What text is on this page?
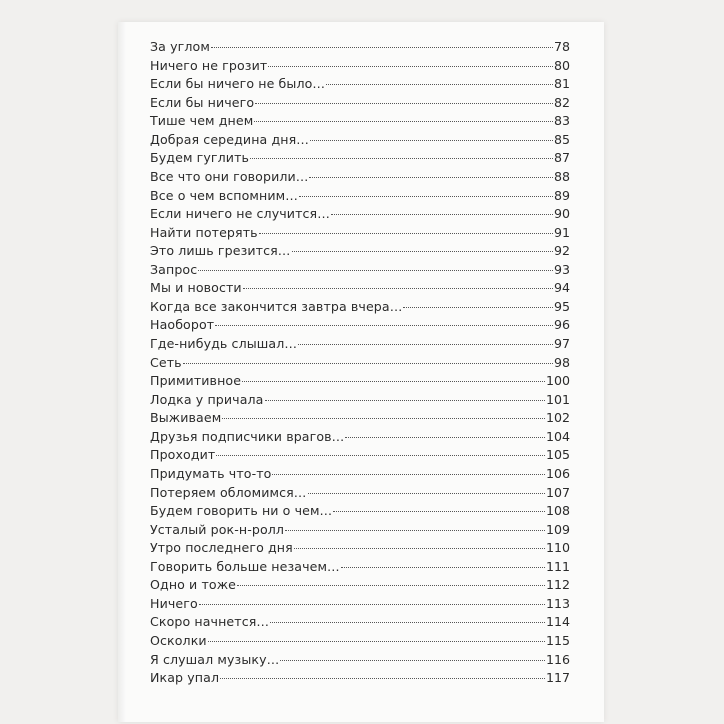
За углом	78
Ничего не грозит	80
Если бы ничего не было…	81
Если бы ничего	82
Тише чем днем	83
Добрая середина дня…	85
Будем гуглить	87
Все что они говорили…	88
Все о чем вспомним…	89
Если ничего не случится…	90
Найти потерять	91
Это лишь грезится…	92
Запрос	93
Мы и новости	94
Когда все закончится завтра вчера…	95
Наоборот	96
Где-нибудь слышал…	97
Сеть	98
Примитивное	100
Лодка у причала	101
Выживаем	102
Друзья подписчики врагов…	104
Проходит	105
Придумать что-то	106
Потеряем обломимся…	107
Будем говорить ни о чем…	108
Усталый рок-н-ролл	109
Утро последнего дня	110
Говорить больше незачем…	111
Одно и тоже	112
Ничего	113
Скоро начнется…	114
Осколки	115
Я слушал музыку…	116
Икар упал	117
